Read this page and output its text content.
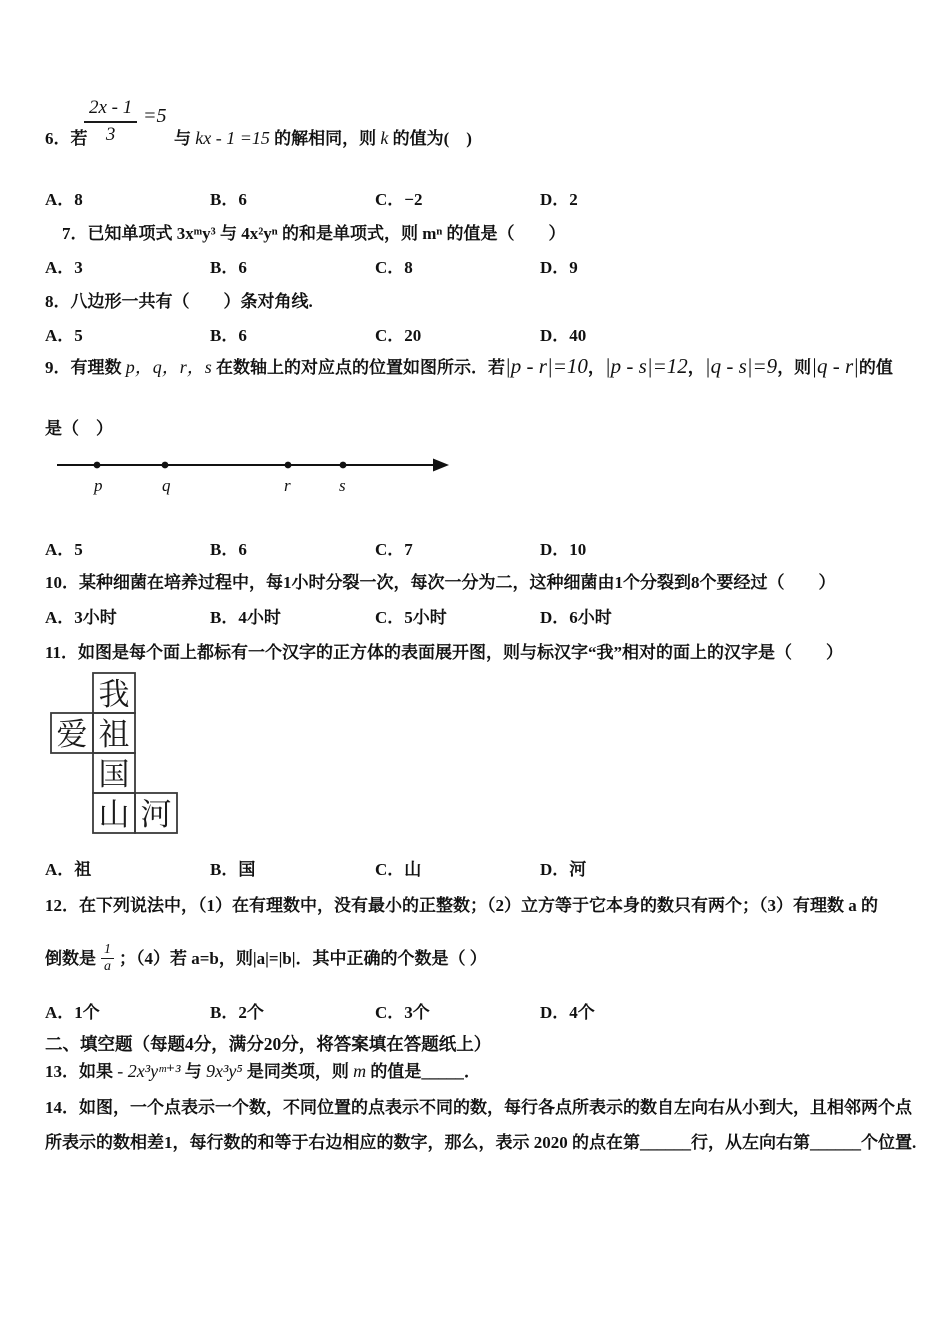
6．若
$\frac{2x - 1}{3} =5$
与 kx - 1 =15 的解相同，则 k 的值为(　)
A．8	B．6	C．−2	D．2
7．已知单项式 3xᵐy³ 与 4x²yⁿ 的和是单项式，则 mⁿ 的值是（　　）
A．3	B．6	C．8	D．9
8．八边形一共有（　　）条对角线.
A．5	B．6	C．20	D．40
9．有理数 p，q，r，s 在数轴上的对应点的位置如图所示．若|p - r|=10，|p - s|=12，|q - s|=9，则|q - r|的值
是（　）
p	q	r	s
A．5	B．6	C．7	D．10
10．某种细菌在培养过程中，每1小时分裂一次，每次一分为二，这种细菌由1个分裂到8个要经过（　　）
A．3小时	B．4小时	C．5小时	D．6小时
11．如图是每个面上都标有一个汉字的正方体的表面展开图，则与标汉字“我”相对的面上的汉字是（　　）
我
爱 祖
国
山 河
A．祖	B．国	C．山	D．河
12．在下列说法中，（1）在有理数中，没有最小的正整数；（2）立方等于它本身的数只有两个；（3）有理数 a 的
倒数是 $\frac{1}{a}$ ；（4）若 a=b，则|a|=|b|．其中正确的个数是（ ）
A．1个	B．2个	C．3个	D．4个
二、填空题（每题4分，满分20分，将答案填在答题纸上）
13．如果 - 2x³yᵐ⁺³ 与 9x³y⁵ 是同类项，则 m 的值是_____．
14．如图，一个点表示一个数，不同位置的点表示不同的数，每行各点所表示的数自左向右从小到大，且相邻两个点
所表示的数相差1，每行数的和等于右边相应的数字，那么，表示 2020 的点在第______行，从左向右第______个位置.
